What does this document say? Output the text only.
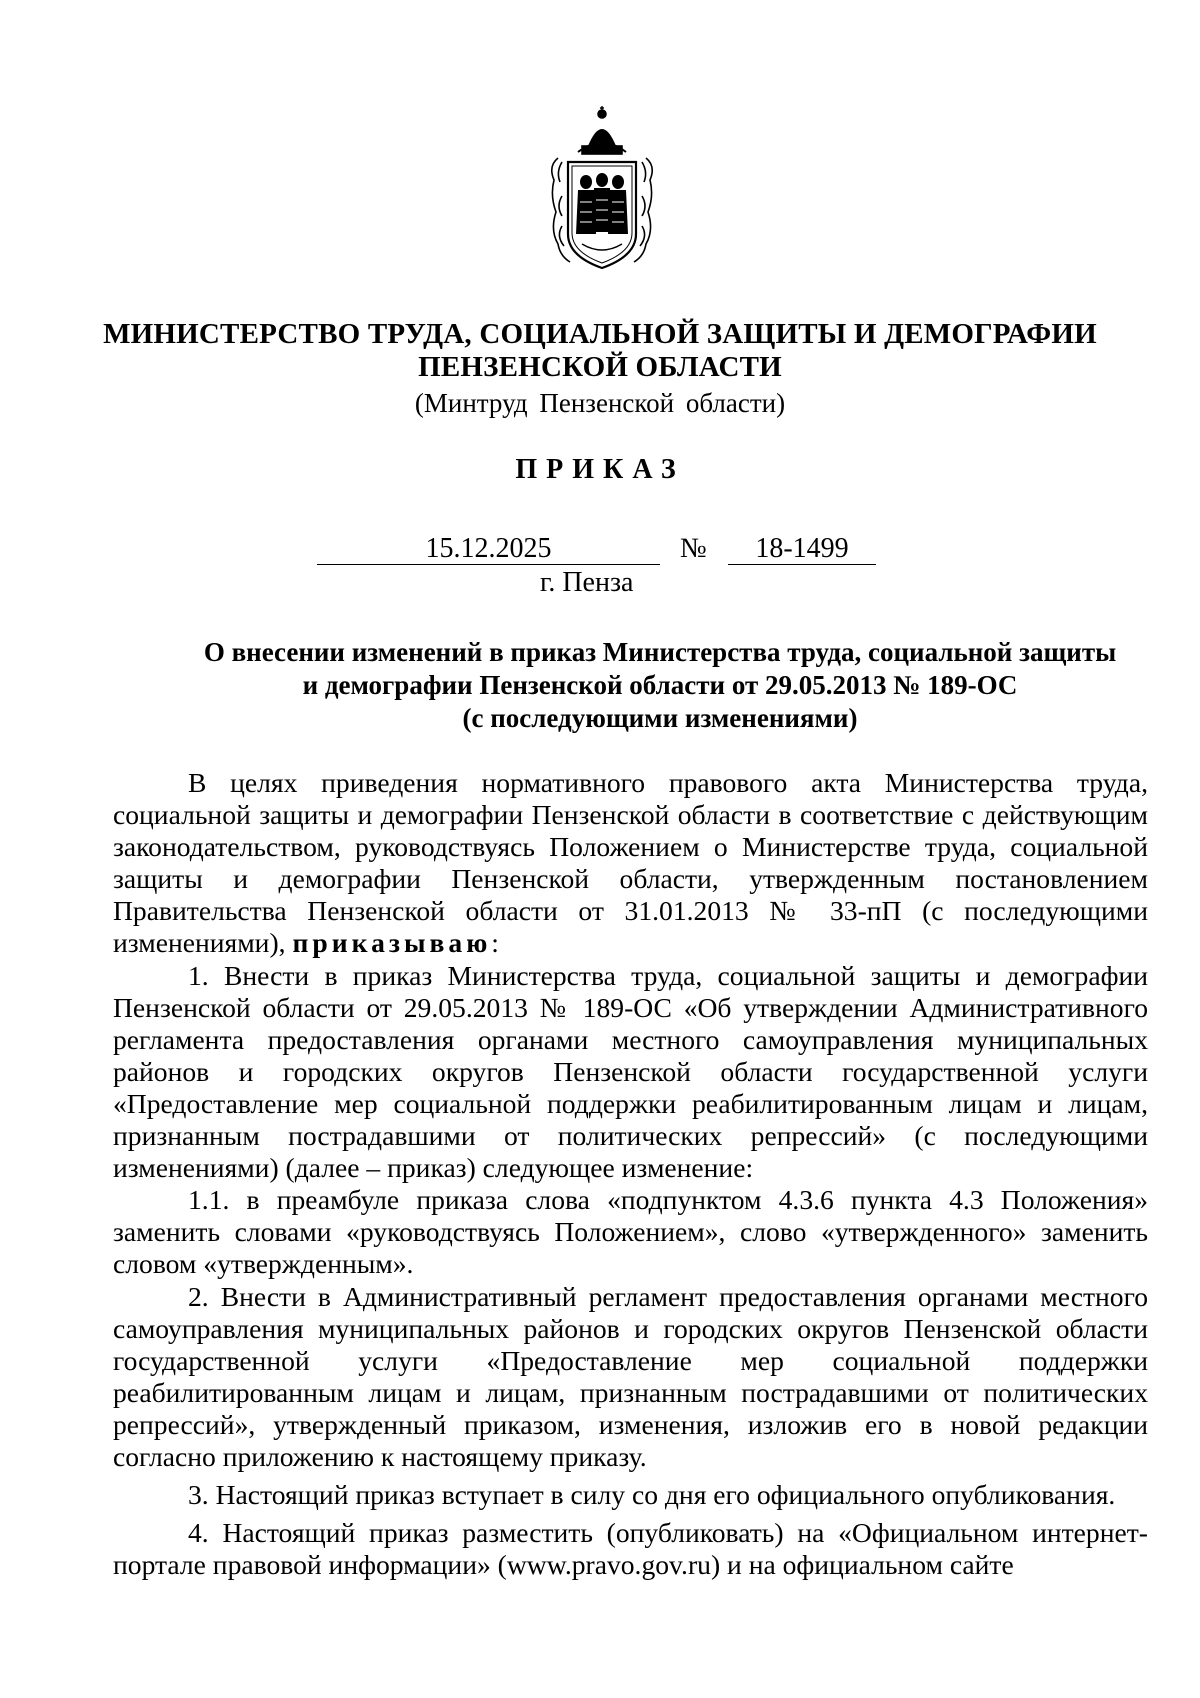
МИНИСТЕРСТВО ТРУДА, СОЦИАЛЬНОЙ ЗАЩИТЫ И ДЕМОГРАФИИ
ПЕНЗЕНСКОЙ ОБЛАСТИ
(Минтруд Пензенской области)
ПРИКАЗ
15.12.2025	№	18-1499
г. Пенза
О внесении изменений в приказ Министерства труда, социальной защиты
и демографии Пензенской области от 29.05.2013 № 189-ОС
(с последующими изменениями)

В целях приведения нормативного правового акта Министерства труда, социальной защиты и демографии Пензенской области в соответствие с действующим законодательством, руководствуясь Положением о Министерстве труда, социальной защиты и демографии Пензенской области, утвержденным постановлением Правительства Пензенской области от 31.01.2013 № 33-пП (с последующими изменениями), приказываю:

1. Внести в приказ Министерства труда, социальной защиты и демографии Пензенской области от 29.05.2013 № 189-ОС «Об утверждении Административного регламента предоставления органами местного самоуправления муниципальных районов и городских округов Пензенской области государственной услуги «Предоставление мер социальной поддержки реабилитированным лицам и лицам, признанным пострадавшими от политических репрессий» (с последующими изменениями) (далее – приказ) следующее изменение:

1.1. в преамбуле приказа слова «подпунктом 4.3.6 пункта 4.3 Положения» заменить словами «руководствуясь Положением», слово «утвержденного» заменить словом «утвержденным».

2. Внести в Административный регламент предоставления органами местного самоуправления муниципальных районов и городских округов Пензенской области государственной услуги «Предоставление мер социальной поддержки реабилитированным лицам и лицам, признанным пострадавшими от политических репрессий», утвержденный приказом, изменения, изложив его в новой редакции согласно приложению к настоящему приказу.

3. Настоящий приказ вступает в силу со дня его официального опубликования.

4. Настоящий приказ разместить (опубликовать) на «Официальном интернет-портале правовой информации» (www.pravo.gov.ru) и на официальном сайте
